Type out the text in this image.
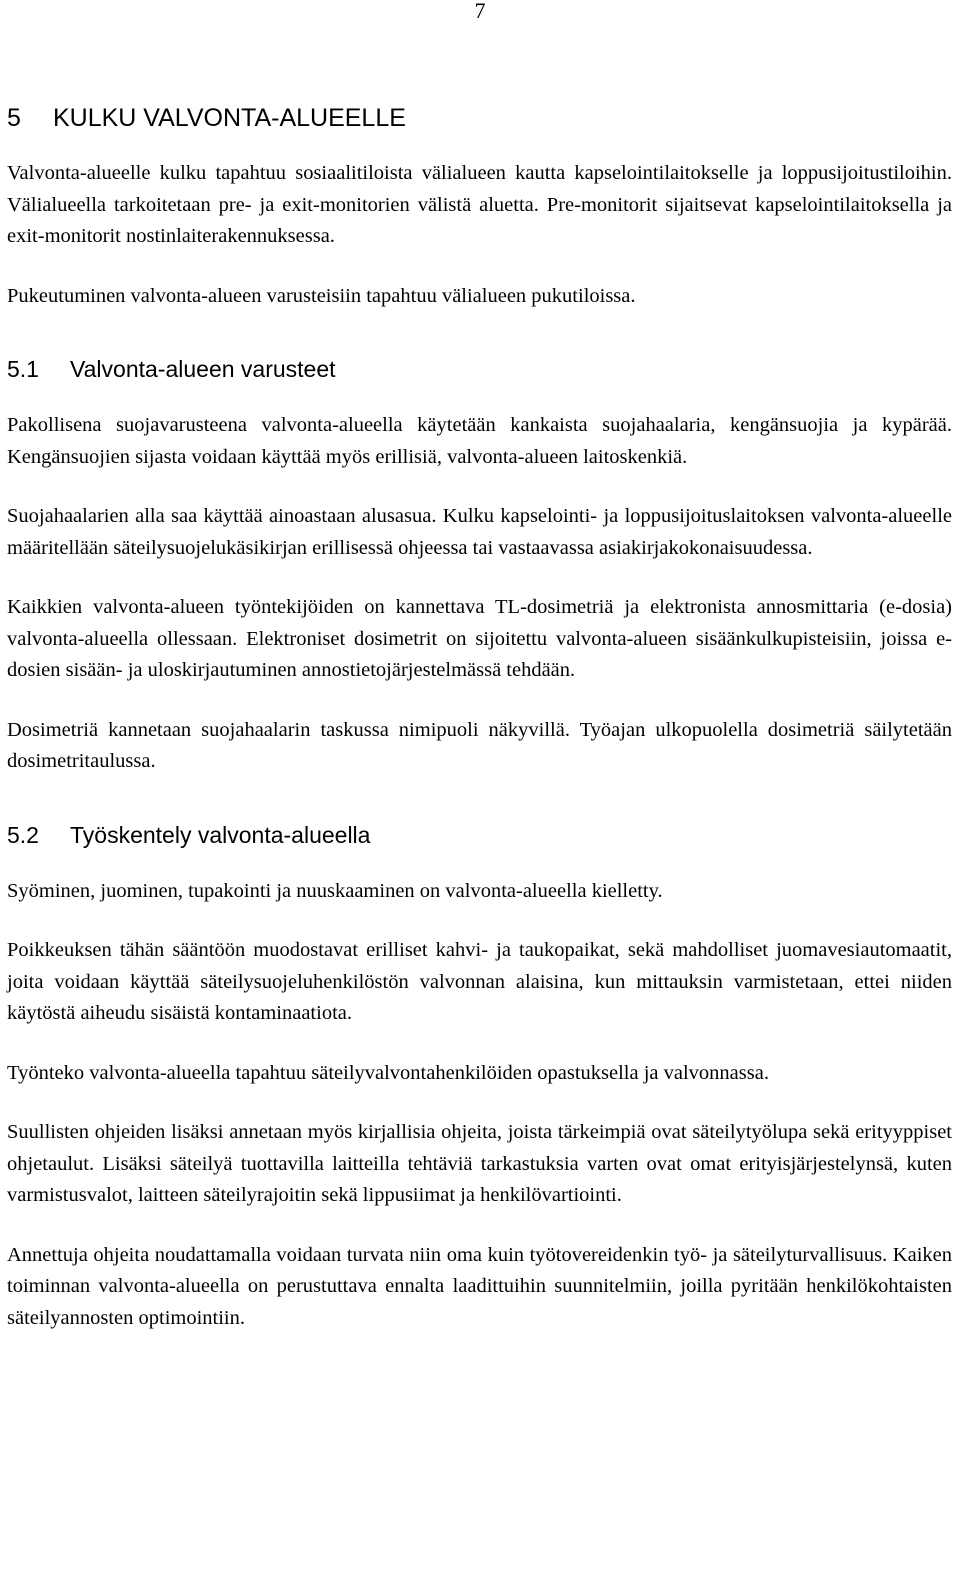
7
5 KULKU VALVONTA-ALUEELLE

Valvonta-alueelle kulku tapahtuu sosiaalitiloista välialueen kautta kapselointilaitokselle ja loppusijoitustiloihin. Välialueella tarkoitetaan pre- ja exit-monitorien välistä aluetta. Pre-monitorit sijaitsevat kapselointilaitoksella ja exit-monitorit nostinlaiterakennuksessa.

Pukeutuminen valvonta-alueen varusteisiin tapahtuu välialueen pukutiloissa.

5.1 Valvonta-alueen varusteet

Pakollisena suojavarusteena valvonta-alueella käytetään kankaista suojahaalaria, kengänsuojia ja kypärää. Kengänsuojien sijasta voidaan käyttää myös erillisiä, valvonta-alueen laitoskenkiä.

Suojahaalarien alla saa käyttää ainoastaan alusasua. Kulku kapselointi- ja loppusijoituslaitoksen valvonta-alueelle määritellään säteilysuojelukäsikirjan erillisessä ohjeessa tai vastaavassa asiakirjakokonaisuudessa.

Kaikkien valvonta-alueen työntekijöiden on kannettava TL-dosimetriä ja elektronista annosmittaria (e-dosia) valvonta-alueella ollessaan. Elektroniset dosimetrit on sijoitettu valvonta-alueen sisäänkulkupisteisiin, joissa e-dosien sisään- ja uloskirjautuminen annostietojärjestelmässä tehdään.

Dosimetriä kannetaan suojahaalarin taskussa nimipuoli näkyvillä. Työajan ulkopuolella dosimetriä säilytetään dosimetritaulussa.

5.2 Työskentely valvonta-alueella

Syöminen, juominen, tupakointi ja nuuskaaminen on valvonta-alueella kielletty.

Poikkeuksen tähän sääntöön muodostavat erilliset kahvi- ja taukopaikat, sekä mahdolliset juomavesiautomaatit, joita voidaan käyttää säteilysuojeluhenkilöstön valvonnan alaisina, kun mittauksin varmistetaan, ettei niiden käytöstä aiheudu sisäistä kontaminaatiota.

Työnteko valvonta-alueella tapahtuu säteilyvalvontahenkilöiden opastuksella ja valvonnassa.

Suullisten ohjeiden lisäksi annetaan myös kirjallisia ohjeita, joista tärkeimpiä ovat säteilytyölupa sekä erityyppiset ohjetaulut. Lisäksi säteilyä tuottavilla laitteilla tehtäviä tarkastuksia varten ovat omat erityisjärjestelynsä, kuten varmistusvalot, laitteen säteilyrajoitin sekä lippusiimat ja henkilövartiointi.

Annettuja ohjeita noudattamalla voidaan turvata niin oma kuin työtovereidenkin työ- ja säteilyturvallisuus. Kaiken toiminnan valvonta-alueella on perustuttava ennalta laadittuihin suunnitelmiin, joilla pyritään henkilökohtaisten säteilyannosten optimointiin.
